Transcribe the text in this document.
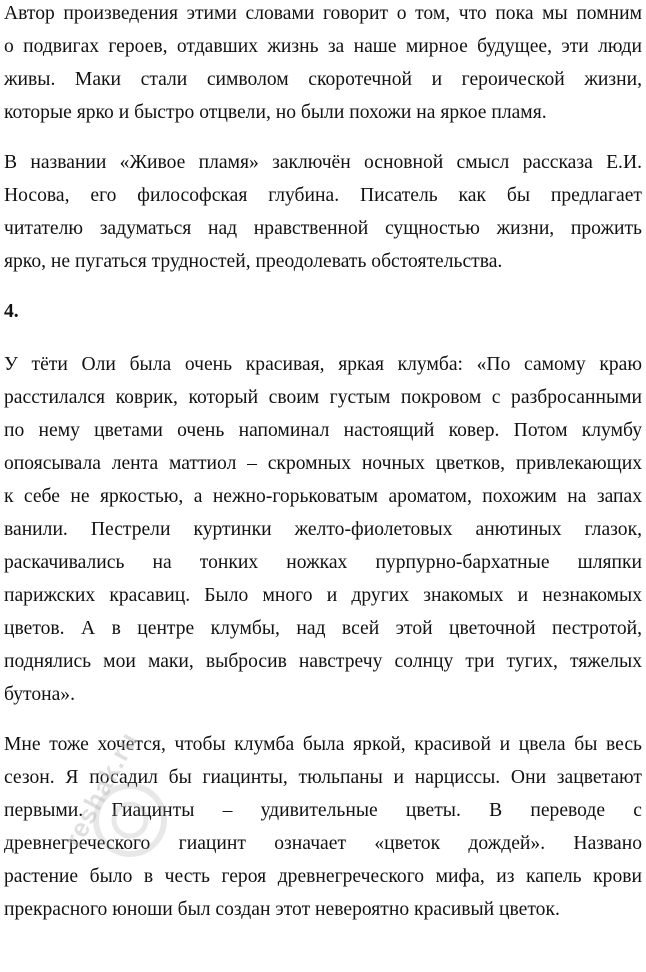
Автор произведения этими словами говорит о том, что пока мы помним
о подвигах героев, отдавших жизнь за наше мирное будущее, эти люди
живы. Маки стали символом скоротечной и героической жизни,
которые ярко и быстро отцвели, но были похожи на яркое пламя.
В названии «Живое пламя» заключён основной смысл рассказа Е.И.
Носова, его философская глубина. Писатель как бы предлагает
читателю задуматься над нравственной сущностью жизни, прожить
ярко, не пугаться трудностей, преодолевать обстоятельства.
4.
У тёти Оли была очень красивая, яркая клумба: «По самому краю
расстилался коврик, который своим густым покровом с разбросанными
по нему цветами очень напоминал настоящий ковер. Потом клумбу
опоясывала лента маттиол – скромных ночных цветков, привлекающих
к себе не яркостью, а нежно-горьковатым ароматом, похожим на запах
ванили. Пестрели куртинки желто-фиолетовых анютиных глазок,
раскачивались на тонких ножках пурпурно-бархатные шляпки
парижских красавиц. Было много и других знакомых и незнакомых
цветов. А в центре клумбы, над всей этой цветочной пестротой,
поднялись мои маки, выбросив навстречу солнцу три тугих, тяжелых
бутона».
Мне тоже хочется, чтобы клумба была яркой, красивой и цвела бы весь
сезон. Я посадил бы гиацинты, тюльпаны и нарциссы. Они зацветают
первыми. Гиацинты – удивительные цветы. В переводе с
древнегреческого гиацинт означает «цветок дождей». Названо
растение было в честь героя древнегреческого мифа, из капель крови
прекрасного юноши был создан этот невероятно красивый цветок.
reshak.ru
